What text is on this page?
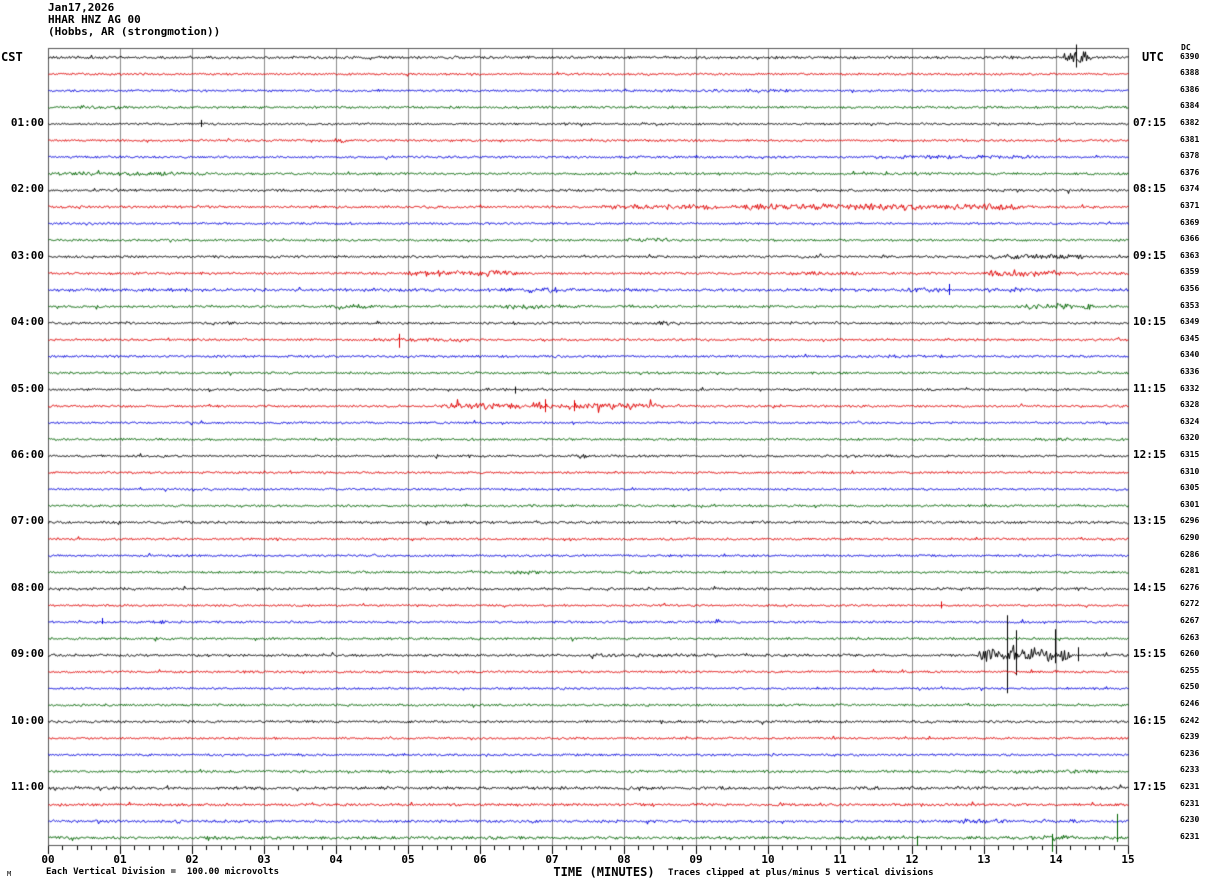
Jan17,2026
HHAR HNZ AG 00
(Hobbs, AR (strongmotion))
CST	UTC
DC
01:00
02:00
03:00
04:00
05:00
06:00
07:00
08:00
09:00
10:00
11:00
07:15
08:15
09:15
10:15
11:15
12:15
13:15
14:15
15:15
16:15
17:15
6390
6388
6386
6384
6382
6381
6378
6376
6374
6371
6369
6366
6363
6359
6356
6353
6349
6345
6340
6336
6332
6328
6324
6320
6315
6310
6305
6301
6296
6290
6286
6281
6276
6272
6267
6263
6260
6255
6250
6246
6242
6239
6236
6233
6231
6231
6230
6231
00	01	02	03	04	05	06	07	08	09	10	11	12	13	14	15
TIME (MINUTES)
M	Each Vertical Division =  100.00 microvolts	Traces clipped at plus/minus 5 vertical divisions
